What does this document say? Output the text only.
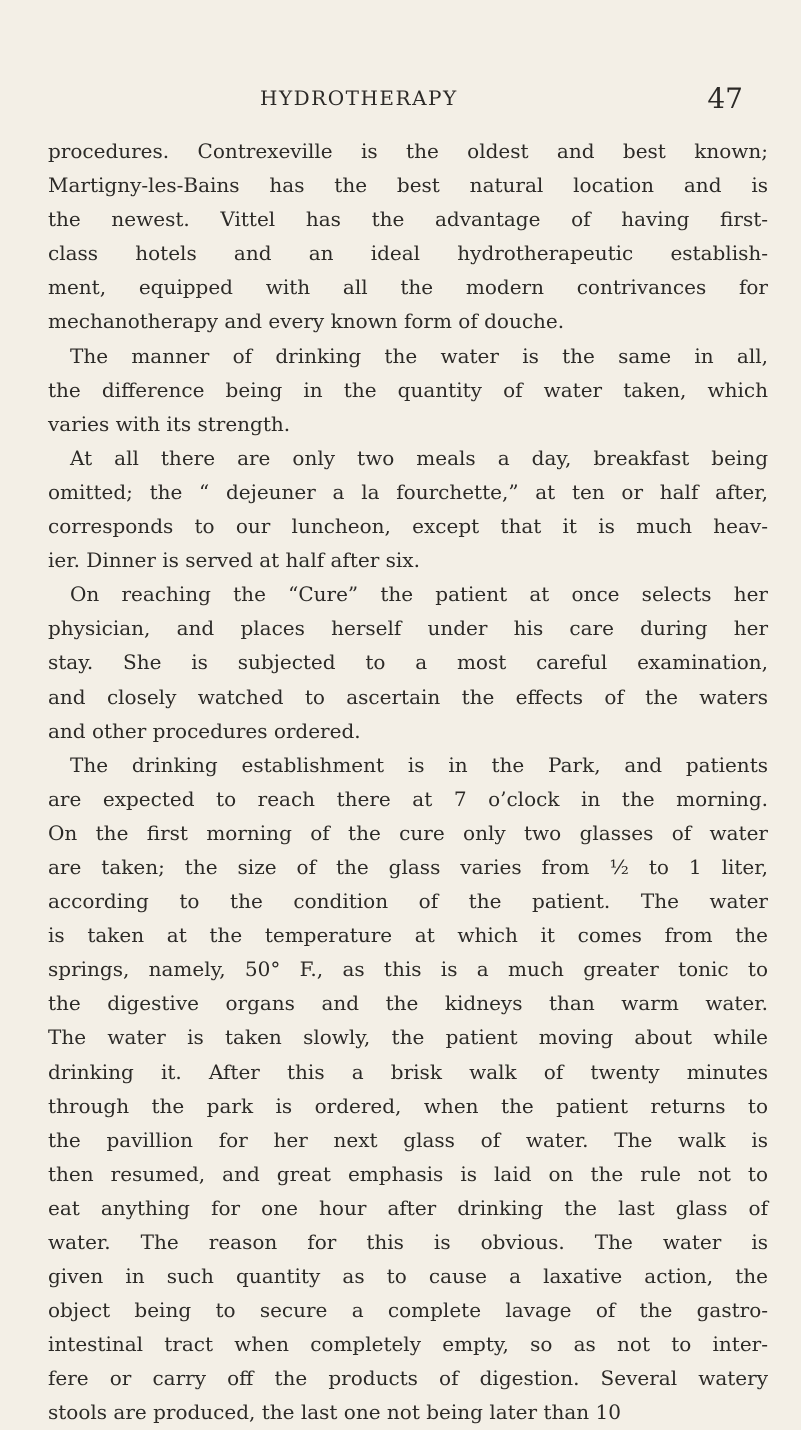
HYDROTHERAPY	47
procedures. Contrexeville is the oldest and best known;
Martigny-les-Bains has the best natural location and is
the newest. Vittel has the advantage of having first-
class hotels and an ideal hydrotherapeutic establish-
ment, equipped with all the modern contrivances for
mechanotherapy and every known form of douche.
The manner of drinking the water is the same in all,
the difference being in the quantity of water taken, which
varies with its strength.
At all there are only two meals a day, breakfast being
omitted; the “ dejeuner a la fourchette,” at ten or half after,
corresponds to our luncheon, except that it is much heav-
ier. Dinner is served at half after six.
On reaching the “Cure” the patient at once selects her
physician, and places herself under his care during her
stay. She is subjected to a most careful examination,
and closely watched to ascertain the effects of the waters
and other procedures ordered.
The drinking establishment is in the Park, and patients
are expected to reach there at 7 o’clock in the morning.
On the first morning of the cure only two glasses of water
are taken; the size of the glass varies from ½ to 1 liter,
according to the condition of the patient. The water
is taken at the temperature at which it comes from the
springs, namely, 50° F., as this is a much greater tonic to
the digestive organs and the kidneys than warm water.
The water is taken slowly, the patient moving about while
drinking it. After this a brisk walk of twenty minutes
through the park is ordered, when the patient returns to
the pavillion for her next glass of water. The walk is
then resumed, and great emphasis is laid on the rule not to
eat anything for one hour after drinking the last glass of
water. The reason for this is obvious. The water is
given in such quantity as to cause a laxative action, the
object being to secure a complete lavage of the gastro-
intestinal tract when completely empty, so as not to inter-
fere or carry off the products of digestion. Several watery
stools are produced, the last one not being later than 10
